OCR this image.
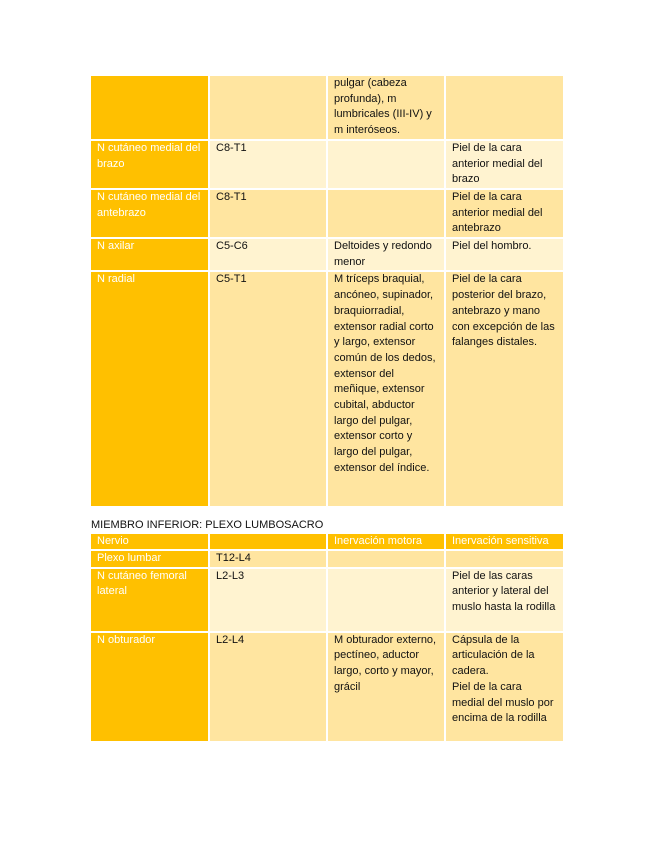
		pulgar (cabeza profunda), m lumbricales (III-IV) y m interóseos.	
N cutáneo medial del brazo	C8-T1		Piel de la cara anterior medial del brazo
N cutáneo medial del antebrazo	C8-T1		Piel de la cara anterior medial del antebrazo
N axilar	C5-C6	Deltoides y redondo menor	Piel del hombro.
N radial	C5-T1	M tríceps braquial, ancóneo, supinador, braquiorradial, extensor radial corto y largo, extensor común de los dedos, extensor del meñique, extensor cubital, abductor largo del pulgar, extensor corto y largo del pulgar, extensor del índice.	Piel de la cara posterior del brazo, antebrazo y mano con excepción de las falanges distales.
MIEMBRO INFERIOR: PLEXO LUMBOSACRO
Nervio		Inervación motora	Inervación sensitiva
Plexo lumbar	T12-L4		
N cutáneo femoral lateral	L2-L3		Piel de las caras anterior y lateral del muslo hasta la rodilla
N obturador	L2-L4	M obturador externo, pectíneo, aductor largo, corto y mayor, grácil	Cápsula de la articulación de la cadera.
Piel de la cara medial del muslo por encima de la rodilla
